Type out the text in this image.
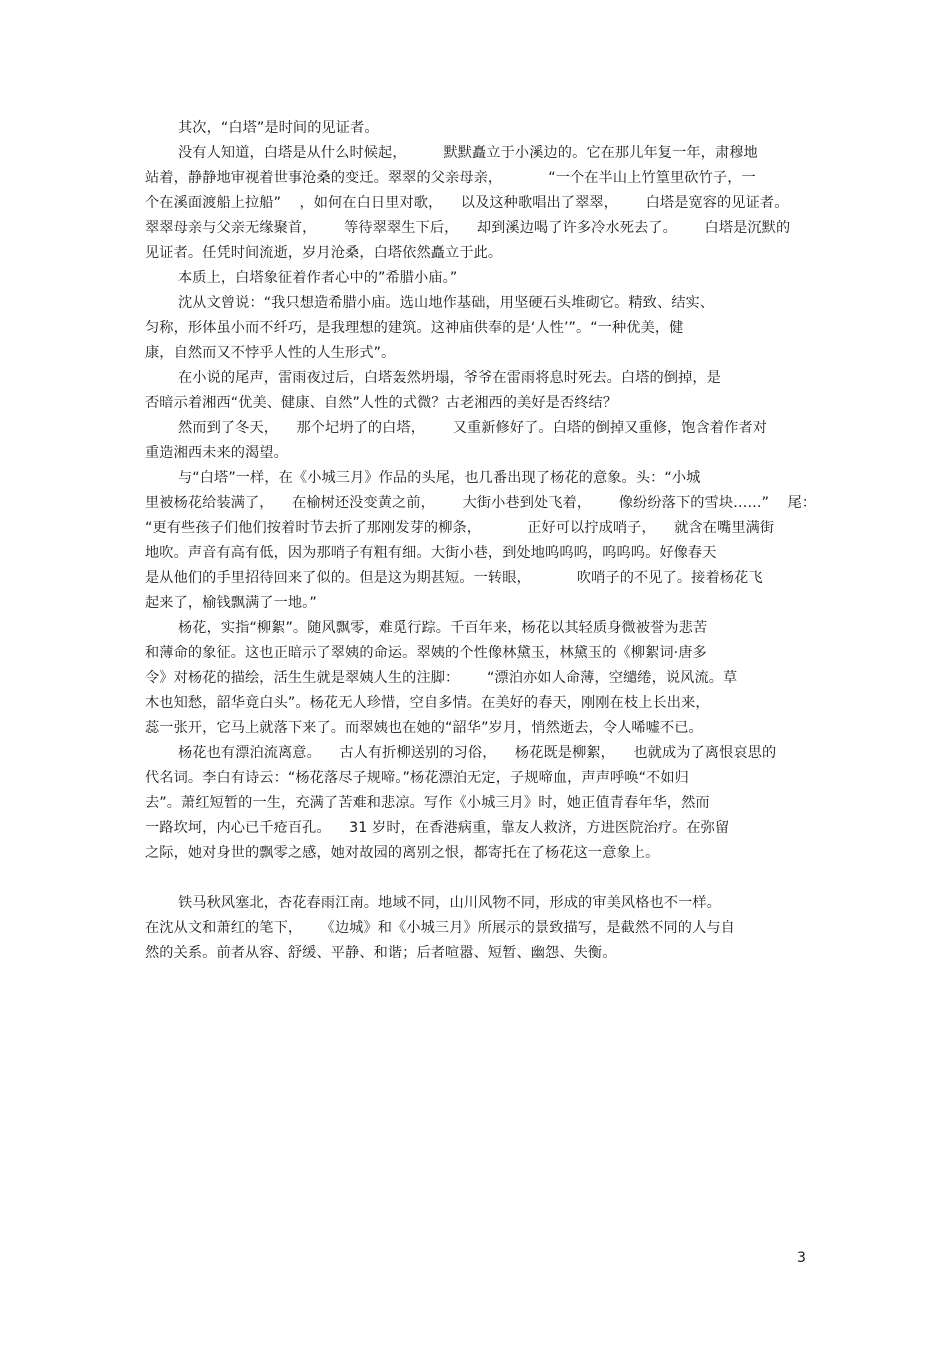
其次，“白塔”是时间的见证者。
没有人知道，白塔是从什么时候起，        默默矗立于小溪边的。它在那儿年复一年，肃穆地
站着，静静地审视着世事沧桑的变迁。翠翠的父亲母亲，          “一个在半山上竹篁里砍竹子，一
个在溪面渡船上拉船”    ，如何在白日里对歌，    以及这种歌唱出了翠翠，      白塔是宽容的见证者。
翠翠母亲与父亲无缘聚首，      等待翠翠生下后，    却到溪边喝了许多冷水死去了。      白塔是沉默的
见证者。任凭时间流逝，岁月沧桑，白塔依然矗立于此。
本质上，白塔象征着作者心中的”希腊小庙。”
沈从文曾说：“我只想造希腊小庙。选山地作基础，用坚硬石头堆砌它。精致、结实、
匀称，形体虽小而不纤巧，是我理想的建筑。这神庙供奉的是‘人性’”。“一种优美，健
康，自然而又不悖乎人性的人生形式”。
在小说的尾声，雷雨夜过后，白塔轰然坍塌，爷爷在雷雨将息时死去。白塔的倒掉，是
否暗示着湘西“优美、健康、自然”人性的式微？古老湘西的美好是否终结？
然而到了冬天，    那个圮坍了的白塔，      又重新修好了。白塔的倒掉又重修，饱含着作者对
重造湘西未来的渴望。
与“白塔”一样，在《小城三月》作品的头尾，也几番出现了杨花的意象。头：“小城
里被杨花给装满了，    在榆树还没变黄之前，      大街小巷到处飞着，      像纷纷落下的雪块……”    尾：
“更有些孩子们他们按着时节去折了那刚发芽的柳条，          正好可以拧成哨子，    就含在嘴里满街
地吹。声音有高有低，因为那哨子有粗有细。大街小巷，到处地呜呜呜，呜呜呜。好像春天
是从他们的手里招待回来了似的。但是这为期甚短。一转眼，          吹哨子的不见了。接着杨花飞
起来了，榆钱飘满了一地。”
杨花，实指“柳絮”。随风飘零，难觅行踪。千百年来，杨花以其轻质身微被誉为悲苦
和薄命的象征。这也正暗示了翠姨的命运。翠姨的个性像林黛玉，林黛玉的《柳絮词·唐多
令》对杨花的描绘，活生生就是翠姨人生的注脚：      “漂泊亦如人命薄，空缱绻，说风流。草
木也知愁，韶华竟白头”。杨花无人珍惜，空自多情。在美好的春天，刚刚在枝上长出来，
蕊一张开，它马上就落下来了。而翠姨也在她的“韶华”岁月，悄然逝去，令人唏嘘不已。
杨花也有漂泊流离意。    古人有折柳送别的习俗，    杨花既是柳絮，    也就成为了离恨哀思的
代名词。李白有诗云：“杨花落尽子规啼。”杨花漂泊无定，子规啼血，声声呼唤“不如归
去”。萧红短暂的一生，充满了苦难和悲凉。写作《小城三月》时，她正值青春年华，然而
一路坎坷，内心已千疮百孔。    31 岁时，在香港病重，靠友人救济，方进医院治疗。在弥留
之际，她对身世的飘零之感，她对故园的离别之恨，都寄托在了杨花这一意象上。
铁马秋风塞北，杏花春雨江南。地域不同，山川风物不同，形成的审美风格也不一样。
在沈从文和萧红的笔下，    《边城》和《小城三月》所展示的景致描写，是截然不同的人与自
然的关系。前者从容、舒缓、平静、和谐；后者喧嚣、短暂、幽怨、失衡。
3
